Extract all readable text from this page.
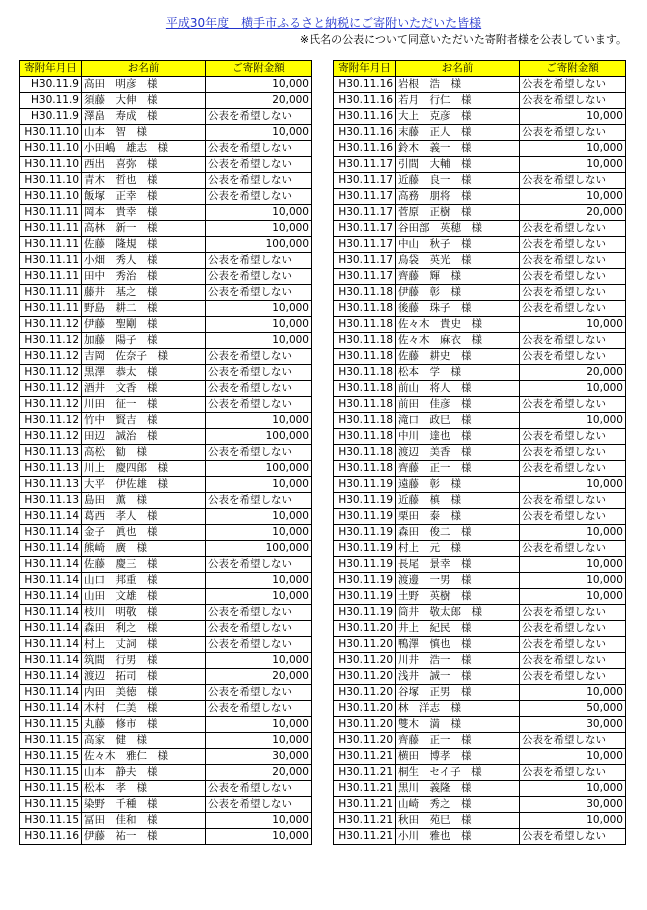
平成30年度　横手市ふるさと納税にご寄附いただいた皆様
※氏名の公表について同意いただいた寄附者様を公表しています。
寄附年月日	お名前	ご寄附金額
H30.11.9	高田　明彦　様	10,000
H30.11.9	須藤　大伸　様	20,000
H30.11.9	澤畠　寿成　様	公表を希望しない
H30.11.10	山本　智　様	10,000
H30.11.10	小田嶋　雄志　様	公表を希望しない
H30.11.10	西出　喜弥　様	公表を希望しない
H30.11.10	青木　哲也　様	公表を希望しない
H30.11.10	飯塚　正幸　様	公表を希望しない
H30.11.11	岡本　貴幸　様	10,000
H30.11.11	高林　新一　様	10,000
H30.11.11	佐藤　隆規　様	100,000
H30.11.11	小畑　秀人　様	公表を希望しない
H30.11.11	田中　秀治　様	公表を希望しない
H30.11.11	藤井　基之　様	公表を希望しない
H30.11.11	野島　耕二　様	10,000
H30.11.12	伊藤　聖剛　様	10,000
H30.11.12	加藤　陽子　様	10,000
H30.11.12	吉岡　佐奈子　様	公表を希望しない
H30.11.12	黒澤　恭太　様	公表を希望しない
H30.11.12	酒井　文香　様	公表を希望しない
H30.11.12	川田　征一　様	公表を希望しない
H30.11.12	竹中　賢吉　様	10,000
H30.11.12	田辺　誠治　様	100,000
H30.11.13	高松　勧　様	公表を希望しない
H30.11.13	川上　慶四郎　様	100,000
H30.11.13	大平　伊佐雄　様	10,000
H30.11.13	島田　薫　様	公表を希望しない
H30.11.14	葛西　孝人　様	10,000
H30.11.14	金子　眞也　様	10,000
H30.11.14	熊崎　廣　様	100,000
H30.11.14	佐藤　慶三　様	公表を希望しない
H30.11.14	山口　邦重　様	10,000
H30.11.14	山田　文雄　様	10,000
H30.11.14	枝川　明敬　様	公表を希望しない
H30.11.14	森田　利之　様	公表を希望しない
H30.11.14	村上　丈詞　様	公表を希望しない
H30.11.14	筑間　行男　様	10,000
H30.11.14	渡辺　拓司　様	20,000
H30.11.14	内田　美徳　様	公表を希望しない
H30.11.14	木村　仁美　様	公表を希望しない
H30.11.15	丸藤　修市　様	10,000
H30.11.15	高家　健　様	10,000
H30.11.15	佐々木　雅仁　様	30,000
H30.11.15	山本　静夫　様	20,000
H30.11.15	松本　孝　様	公表を希望しない
H30.11.15	染野　千種　様	公表を希望しない
H30.11.15	冨田　佳和　様	10,000
H30.11.16	伊藤　祐一　様	10,000
寄附年月日	お名前	ご寄附金額
H30.11.16	岩根　浩　様	公表を希望しない
H30.11.16	若月　行仁　様	公表を希望しない
H30.11.16	大上　克彦　様	10,000
H30.11.16	末藤　正人　様	公表を希望しない
H30.11.16	鈴木　義一　様	10,000
H30.11.17	引間　大輔　様	10,000
H30.11.17	近藤　良一　様	公表を希望しない
H30.11.17	高務　朋将　様	10,000
H30.11.17	菅原　正樹　様	20,000
H30.11.17	谷田部　英穂　様	公表を希望しない
H30.11.17	中山　秋子　様	公表を希望しない
H30.11.17	鳥袋　英光　様	公表を希望しない
H30.11.17	齊藤　輝　様	公表を希望しない
H30.11.18	伊藤　彰　様	公表を希望しない
H30.11.18	後藤　珠子　様	公表を希望しない
H30.11.18	佐々木　貴史　様	10,000
H30.11.18	佐々木　麻衣　様	公表を希望しない
H30.11.18	佐藤　耕史　様	公表を希望しない
H30.11.18	松本　学　様	20,000
H30.11.18	前山　将人　様	10,000
H30.11.18	前田　佳彦　様	公表を希望しない
H30.11.18	滝口　政巳　様	10,000
H30.11.18	中川　達也　様	公表を希望しない
H30.11.18	渡辺　美香　様	公表を希望しない
H30.11.18	齊藤　正一　様	公表を希望しない
H30.11.19	遠藤　彰　様	10,000
H30.11.19	近藤　槙　様	公表を希望しない
H30.11.19	栗田　泰　様	公表を希望しない
H30.11.19	森田　俊二　様	10,000
H30.11.19	村上　元　様	公表を希望しない
H30.11.19	長尾　景幸　様	10,000
H30.11.19	渡邊　一男　様	10,000
H30.11.19	土野　英樹　様	10,000
H30.11.19	筒井　敬太郎　様	公表を希望しない
H30.11.20	井上　紀民　様	公表を希望しない
H30.11.20	鴨澤　慎也　様	公表を希望しない
H30.11.20	川井　浩一　様	公表を希望しない
H30.11.20	浅井　誠一　様	公表を希望しない
H30.11.20	谷塚　正男　様	10,000
H30.11.20	林　洋志　様	50,000
H30.11.20	雙木　満　様	30,000
H30.11.20	齊藤　正一　様	公表を希望しない
H30.11.21	横田　博孝　様	10,000
H30.11.21	桐生　セイ子　様	公表を希望しない
H30.11.21	黒川　義隆　様	10,000
H30.11.21	山崎　秀之　様	30,000
H30.11.21	秋田　苑巳　様	10,000
H30.11.21	小川　雅也　様	公表を希望しない
